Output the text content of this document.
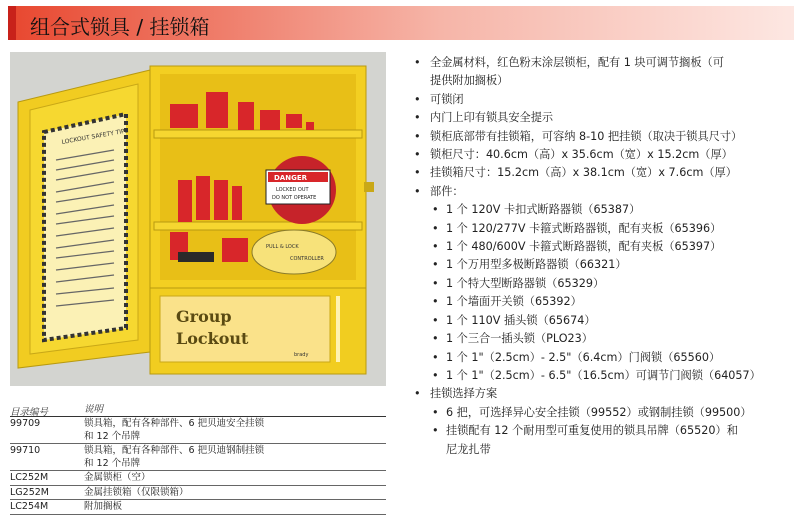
组合式锁具 / 挂锁箱
LOCKOUT SAFETY TIPS
DANGER
LOCKED OUT
DO NOT OPERATE
PULL & LOCK
CONTROLLER
Group
Lockout
brady
目录编号	说明
99709	锁具箱，配有各种部件、6 把贝迪安全挂锁
和 12 个吊牌
99710	锁具箱，配有各种部件、6 把贝迪钢制挂锁
和 12 个吊牌
LC252M	金属锁柜（空）
LG252M	金属挂锁箱（仅限锁箱）
LC254M	附加搁板
• 全金属材料，红色粉末涂层锁柜，配有 1 块可调节搁板（可
提供附加搁板）
• 可锁闭
• 内门上印有锁具安全提示
• 锁柜底部带有挂锁箱，可容纳 8-10 把挂锁（取决于锁具尺寸）
• 锁柜尺寸：40.6cm（高）x 35.6cm（宽）x 15.2cm（厚）
• 挂锁箱尺寸：15.2cm（高）x 38.1cm（宽）x 7.6cm（厚）
• 部件：
• 1 个 120V 卡扣式断路器锁（65387）
• 1 个 120/277V 卡箍式断路器锁，配有夹板（65396）
• 1 个 480/600V 卡箍式断路器锁，配有夹板（65397）
• 1 个万用型多极断路器锁（66321）
• 1 个特大型断路器锁（65329）
• 1 个墙面开关锁（65392）
• 1 个 110V 插头锁（65674）
• 1 个三合一插头锁（PLO23）
• 1 个 1"（2.5cm）- 2.5"（6.4cm）门阀锁（65560）
• 1 个 1"（2.5cm）- 6.5"（16.5cm）可调节门阀锁（64057）
• 挂锁选择方案
• 6 把，可选择异心安全挂锁（99552）或钢制挂锁（99500）
• 挂锁配有 12 个耐用型可重复使用的锁具吊牌（65520）和
尼龙扎带
